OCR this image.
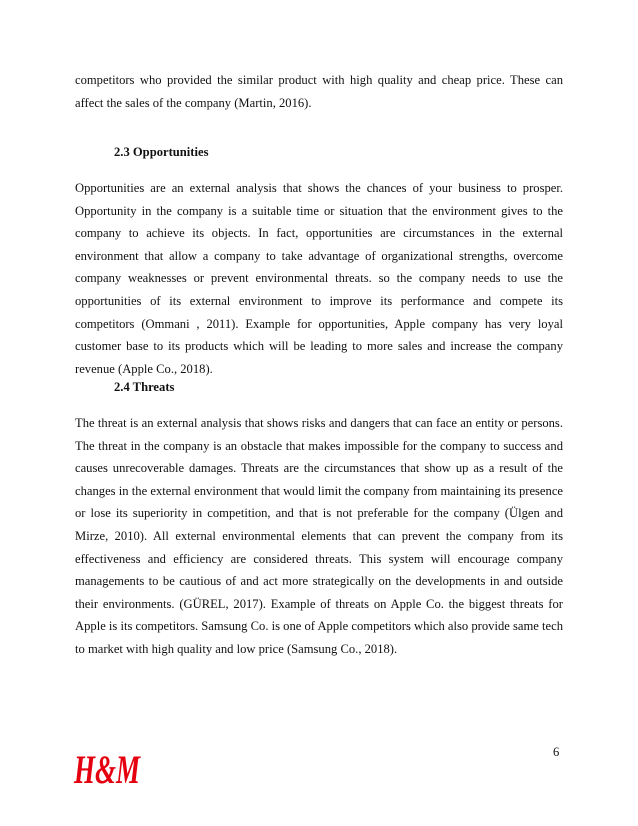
competitors who provided the similar product with high quality and cheap price. These can affect the sales of the company (Martin, 2016).

2.3 Opportunities

Opportunities are an external analysis that shows the chances of your business to prosper. Opportunity in the company is a suitable time or situation that the environment gives to the company to achieve its objects. In fact, opportunities are circumstances in the external environment that allow a company to take advantage of organizational strengths, overcome company weaknesses or prevent environmental threats. so the company needs to use the opportunities of its external environment to improve its performance and compete its competitors (Ommani , 2011). Example for opportunities, Apple company has very loyal customer base to its products which will be leading to more sales and increase the company revenue (Apple Co., 2018).

2.4 Threats

The threat is an external analysis that shows risks and dangers that can face an entity or persons. The threat in the company is an obstacle that makes impossible for the company to success and causes unrecoverable damages. Threats are the circumstances that show up as a result of the changes in the external environment that would limit the company from maintaining its presence or lose its superiority in competition, and that is not preferable for the company (Ülgen and Mirze, 2010). All external environmental elements that can prevent the company from its effectiveness and efficiency are considered threats. This system will encourage company managements to be cautious of and act more strategically on the developments in and outside their environments. (GÜREL, 2017). Example of threats on Apple Co. the biggest threats for Apple is its competitors. Samsung Co. is one of Apple competitors which also provide same tech to market with high quality and low price (Samsung Co., 2018).

H&M	6
